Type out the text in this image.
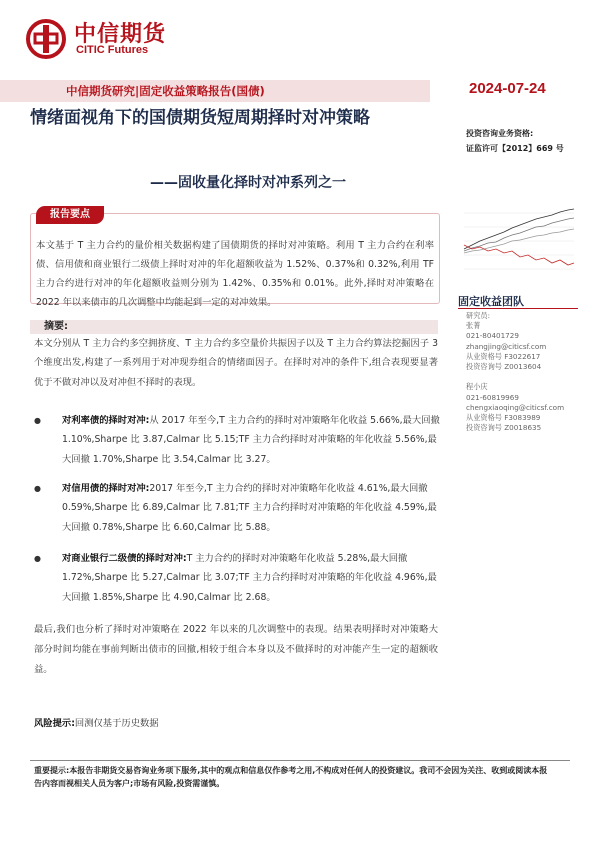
中信期货
CITIC Futures
中信期货研究|固定收益策略报告(国债)	2024-07-24
情绪面视角下的国债期货短周期择时对冲策略
——固收量化择时对冲系列之一
投资咨询业务资格:
证监许可【2012】669 号
固定收益团队
研究员:
张菁
021-80401729
zhangjing@citicsf.com
从业资格号 F3022617
投资咨询号 Z0013604

程小庆
021-60819969
chengxiaoqing@citicsf.com
从业资格号 F3083989
投资咨询号 Z0018635
报告要点
本文基于 T 主力合约的量价相关数据构建了国债期货的择时对冲策略。利用 T 主力合约在利率债、信用债和商业银行二级债上择时对冲的年化超额收益为 1.52%、0.37%和 0.32%,利用 TF 主力合约进行对冲的年化超额收益则分别为 1.42%、0.35%和 0.01%。此外,择时对冲策略在 2022 年以来债市的几次调整中均能起到一定的对冲效果。
摘要:
本文分别从 T 主力合约多空拥挤度、T 主力合约多空量价共振因子以及 T 主力合约算法挖掘因子 3 个维度出发,构建了一系列用于对冲现券组合的情绪面因子。在择时对冲的条件下,组合表现要显著优于不做对冲以及对冲但不择时的表现。
● 对利率债的择时对冲:从 2017 年至今,T 主力合约的择时对冲策略年化收益 5.66%,最大回撤 1.10%,Sharpe 比 3.87,Calmar 比 5.15;TF 主力合约择时对冲策略的年化收益 5.56%,最大回撤 1.70%,Sharpe 比 3.54,Calmar 比 3.27。
● 对信用债的择时对冲:2017 年至今,T 主力合约的择时对冲策略年化收益 4.61%,最大回撤 0.59%,Sharpe 比 6.89,Calmar 比 7.81;TF 主力合约择时对冲策略的年化收益 4.59%,最大回撤 0.78%,Sharpe 比 6.60,Calmar 比 5.88。
● 对商业银行二级债的择时对冲:T 主力合约的择时对冲策略年化收益 5.28%,最大回撤 1.72%,Sharpe 比 5.27,Calmar 比 3.07;TF 主力合约择时对冲策略的年化收益 4.96%,最大回撤 1.85%,Sharpe 比 4.90,Calmar 比 2.68。
最后,我们也分析了择时对冲策略在 2022 年以来的几次调整中的表现。结果表明择时对冲策略大部分时间均能在事前判断出债市的回撤,相较于组合本身以及不做择时的对冲能产生一定的超额收益。
风险提示:回测仅基于历史数据
重要提示:本报告非期货交易咨询业务项下服务,其中的观点和信息仅作参考之用,不构成对任何人的投资建议。我司不会因为关注、收到或阅读本报告内容而视相关人员为客户;市场有风险,投资需谨慎。
